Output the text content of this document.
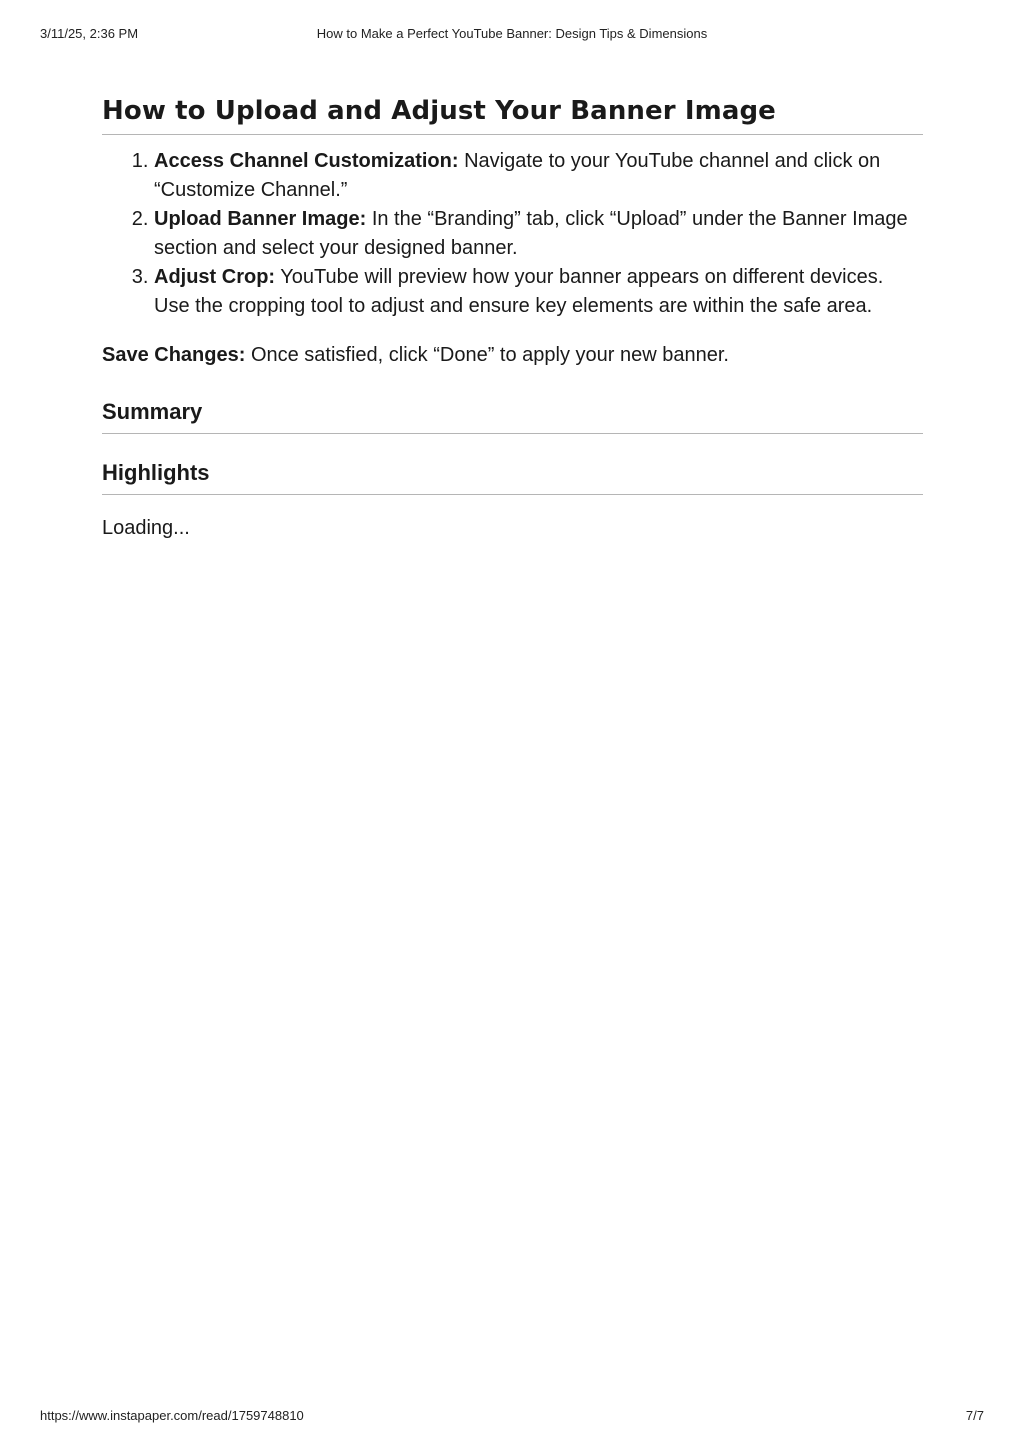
3/11/25, 2:36 PM	How to Make a Perfect YouTube Banner: Design Tips & Dimensions
How to Upload and Adjust Your Banner Image
1. Access Channel Customization: Navigate to your YouTube channel and click on “Customize Channel.”
2. Upload Banner Image: In the “Branding” tab, click “Upload” under the Banner Image section and select your designed banner.
3. Adjust Crop: YouTube will preview how your banner appears on different devices. Use the cropping tool to adjust and ensure key elements are within the safe area.

Save Changes: Once satisfied, click “Done” to apply your new banner.

Summary
Highlights

Loading...

https://www.instapaper.com/read/1759748810	7/7
